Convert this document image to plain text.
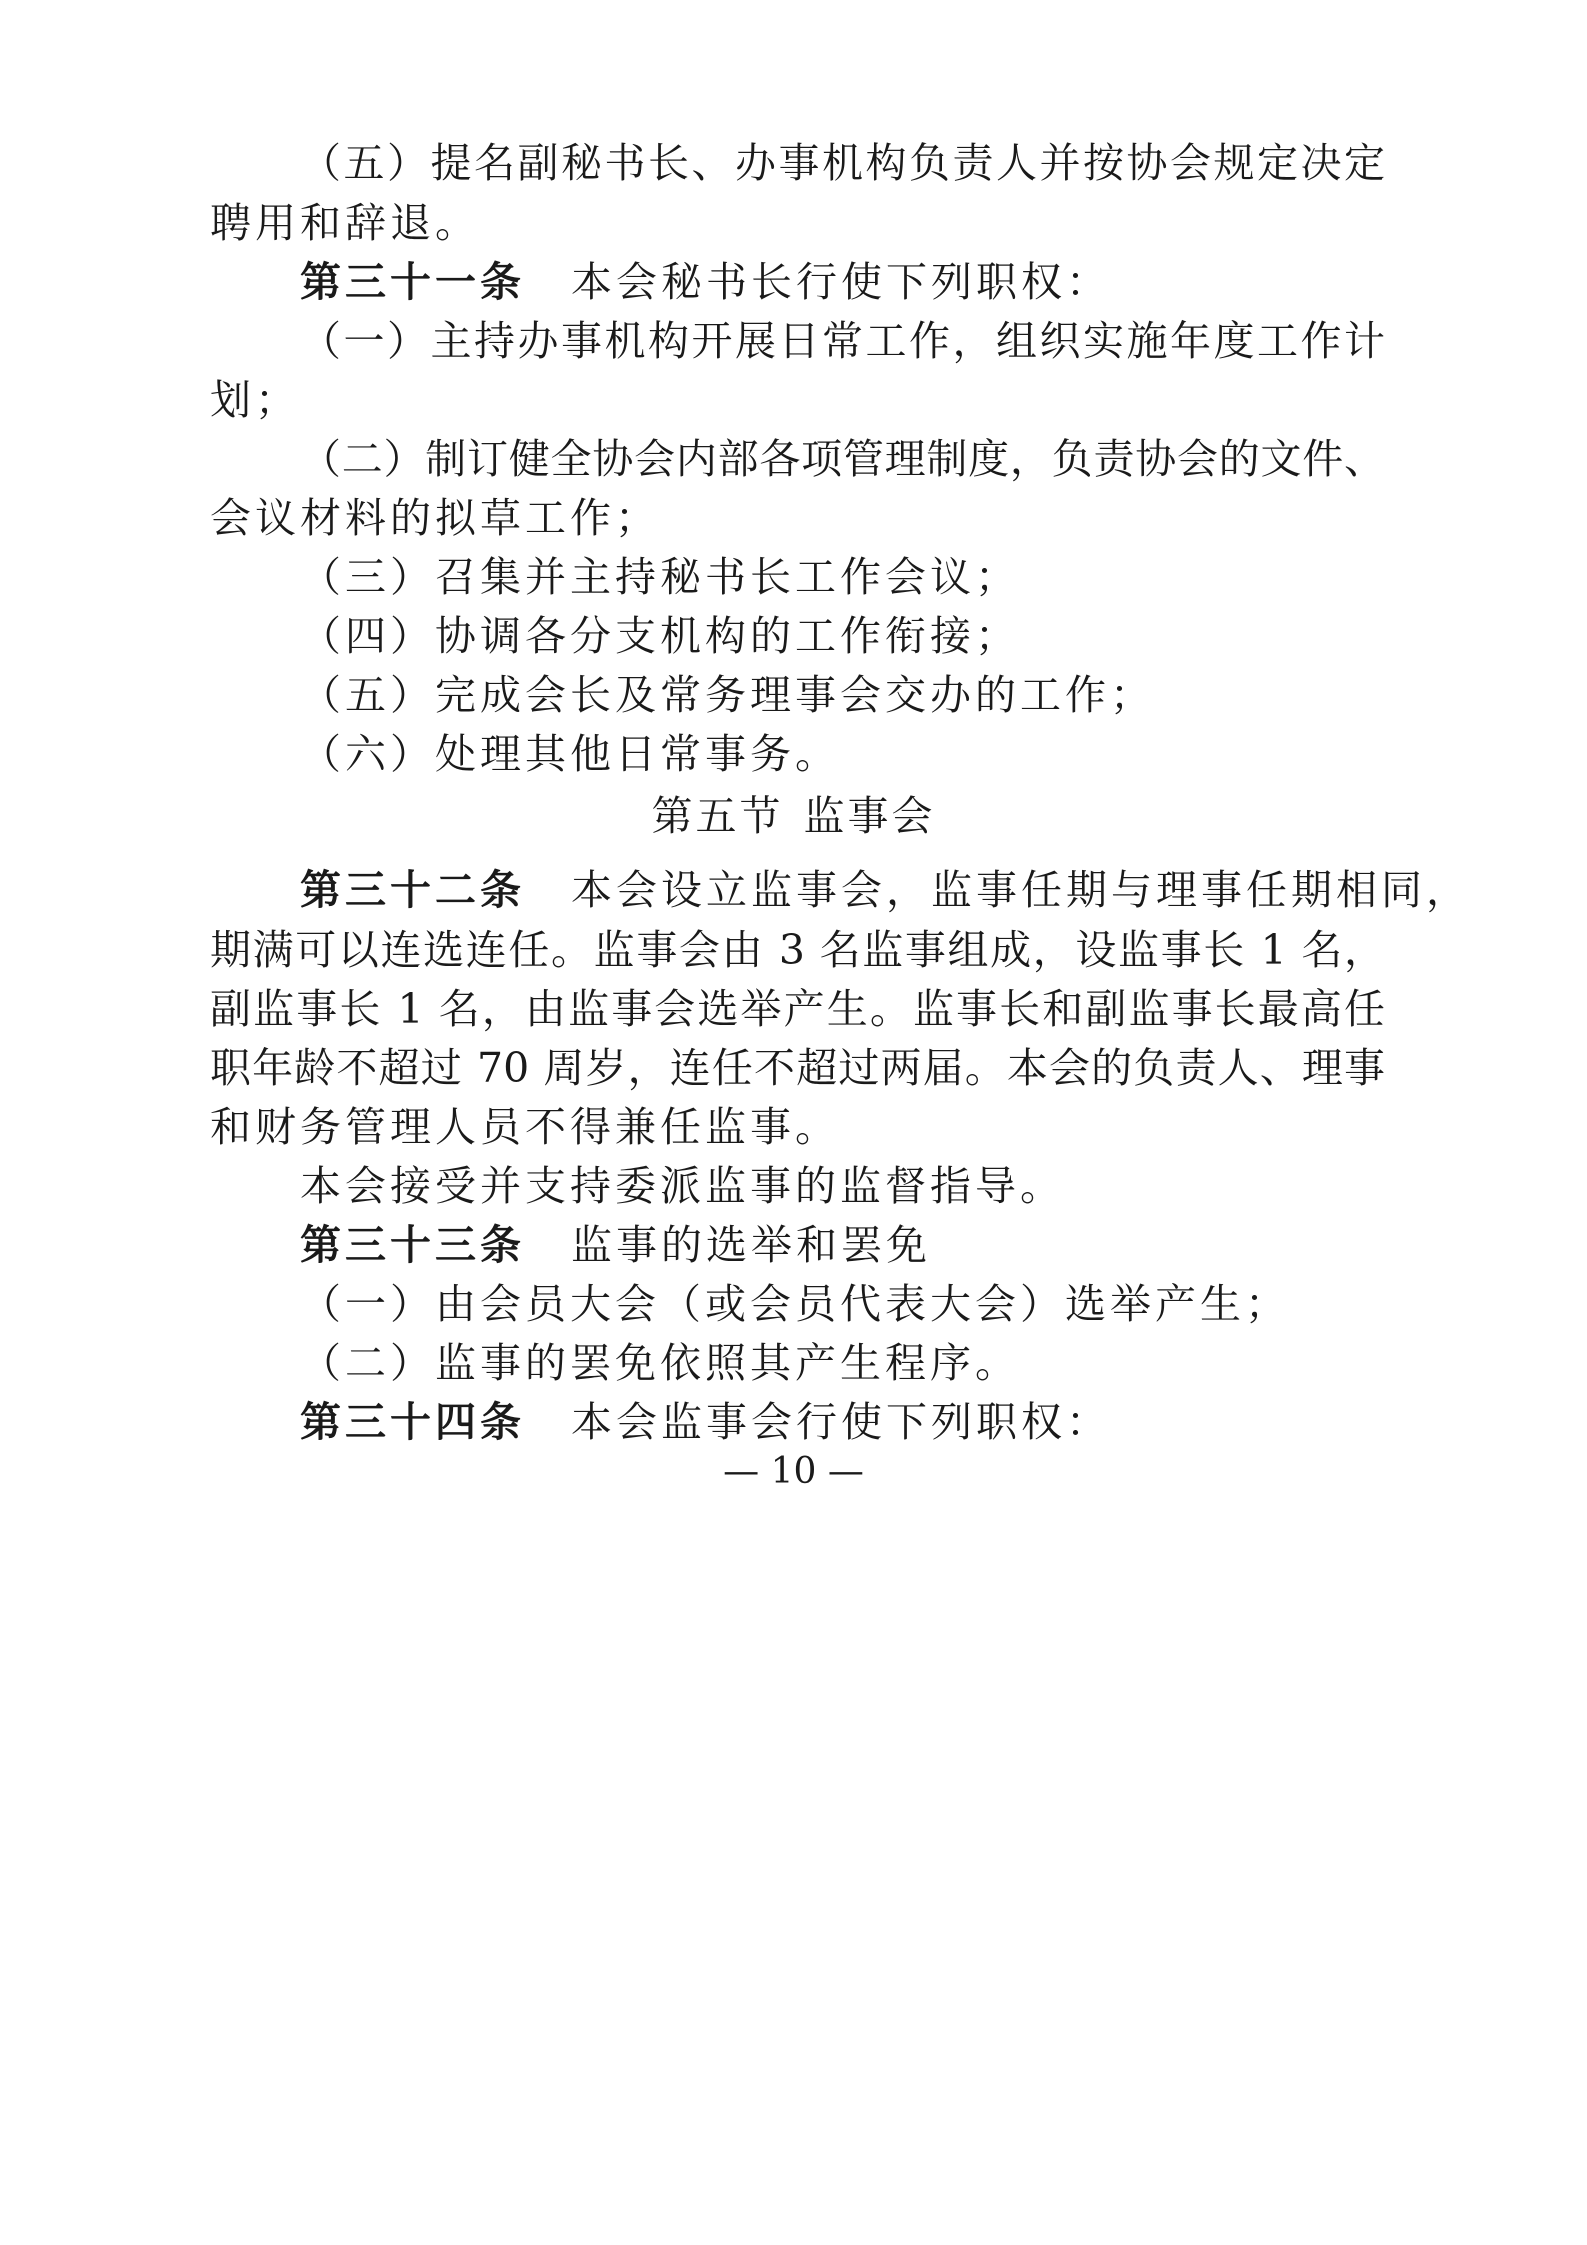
（五）提名副秘书长、办事机构负责人并按协会规定决定
聘用和辞退。
第三十一条 本会秘书长行使下列职权：
（一）主持办事机构开展日常工作，组织实施年度工作计
划；
（二）制订健全协会内部各项管理制度，负责协会的文件、
会议材料的拟草工作；
（三）召集并主持秘书长工作会议；
（四）协调各分支机构的工作衔接；
（五）完成会长及常务理事会交办的工作；
（六）处理其他日常事务。
第五节 监事会
第三十二条 本会设立监事会，监事任期与理事任期相同，
期满可以连选连任。监事会由 3 名监事组成，设监事长 1 名，
副监事长 1 名，由监事会选举产生。监事长和副监事长最高任
职年龄不超过 70 周岁，连任不超过两届。本会的负责人、理事
和财务管理人员不得兼任监事。
本会接受并支持委派监事的监督指导。
第三十三条 监事的选举和罢免
（一）由会员大会（或会员代表大会）选举产生；
（二）监事的罢免依照其产生程序。
第三十四条 本会监事会行使下列职权：
— 10 —
